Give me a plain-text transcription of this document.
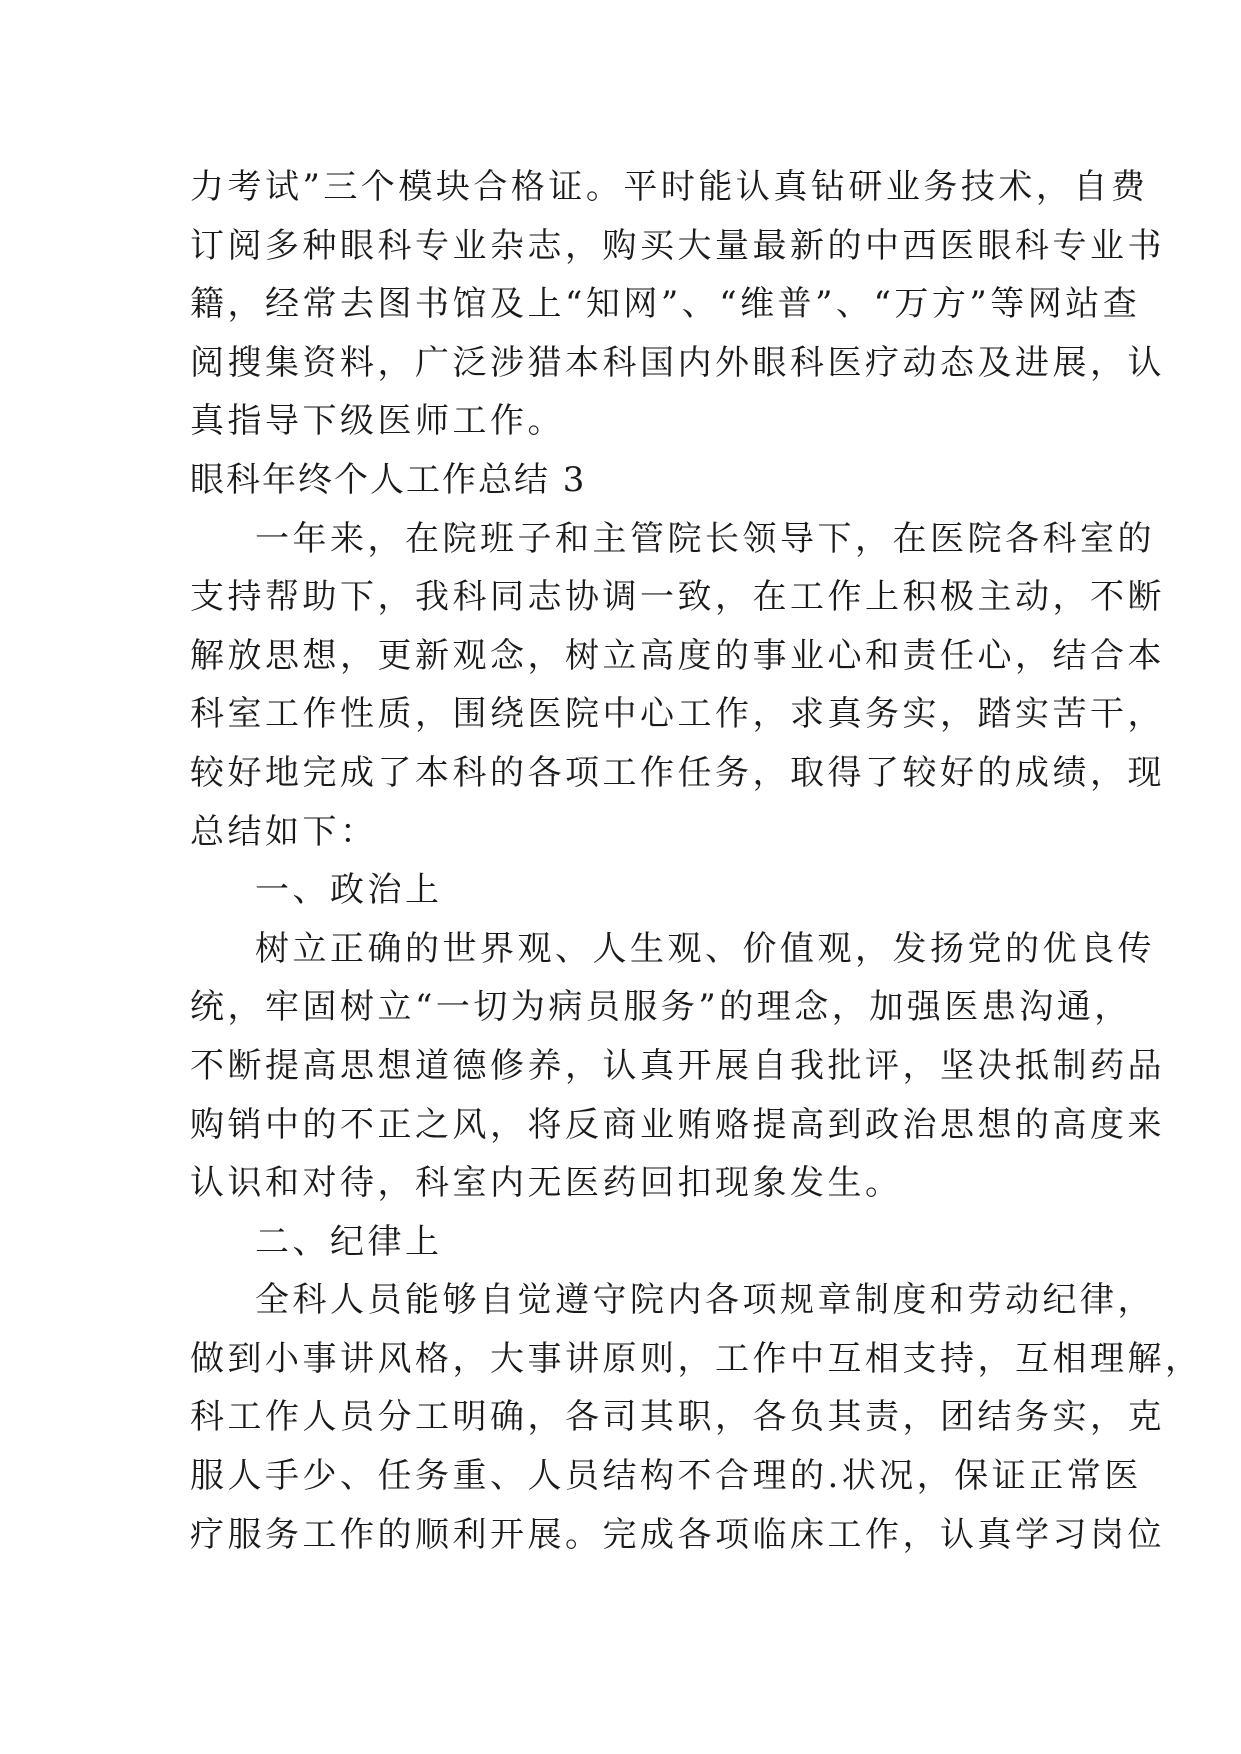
力考试”三个模块合格证。平时能认真钻研业务技术，自费
订阅多种眼科专业杂志，购买大量最新的中西医眼科专业书
籍，经常去图书馆及上“知网”、“维普”、“万方”等网站查
阅搜集资料，广泛涉猎本科国内外眼科医疗动态及进展，认
真指导下级医师工作。
眼科年终个人工作总结 3
一年来，在院班子和主管院长领导下，在医院各科室的
支持帮助下，我科同志协调一致，在工作上积极主动，不断
解放思想，更新观念，树立高度的事业心和责任心，结合本
科室工作性质，围绕医院中心工作，求真务实，踏实苦干，
较好地完成了本科的各项工作任务，取得了较好的成绩，现
总结如下：
一、政治上
树立正确的世界观、人生观、价值观，发扬党的优良传
统，牢固树立“一切为病员服务”的理念，加强医患沟通，
不断提高思想道德修养，认真开展自我批评，坚决抵制药品
购销中的不正之风，将反商业贿赂提高到政治思想的高度来
认识和对待，科室内无医药回扣现象发生。
二、纪律上
全科人员能够自觉遵守院内各项规章制度和劳动纪律，
做到小事讲风格，大事讲原则，工作中互相支持，互相理解，
科工作人员分工明确，各司其职，各负其责，团结务实，克
服人手少、任务重、人员结构不合理的.状况，保证正常医
疗服务工作的顺利开展。完成各项临床工作，认真学习岗位
